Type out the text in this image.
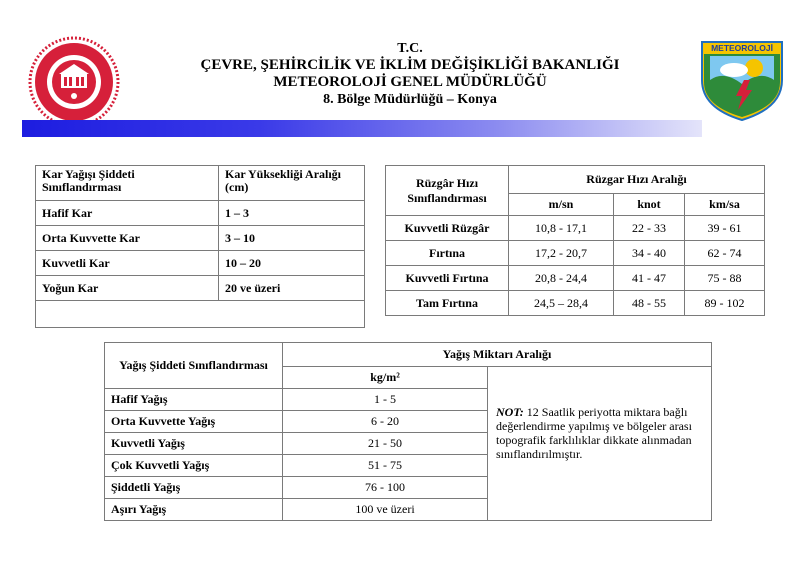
T.C.
ÇEVRE, ŞEHİRCİLİK VE İKLİM DEĞİŞİKLİĞİ BAKANLIĞI
METEOROLOJİ GENEL MÜDÜRLÜĞÜ
8. Bölge Müdürlüğü – Konya
METEOROLOJİ
Kar Yağışı Şiddeti Sınıflandırması	Kar Yüksekliği Aralığı (cm)
Hafif Kar	1 – 3
Orta Kuvvette Kar	3 – 10
Kuvvetli Kar	10 – 20
Yoğun Kar	20 ve üzeri

Rüzgâr Hızı Sınıflandırması	Rüzgar Hızı Aralığı		
	m/sn	knot	km/sa
Kuvvetli Rüzgâr	10,8 - 17,1	22 - 33	39 - 61
Fırtına	17,2 - 20,7	34 - 40	62 - 74
Kuvvetli Fırtına	20,8 - 24,4	41 - 47	75 - 88
Tam Fırtına	24,5 – 28,4	48 - 55	89 - 102
Yağış Şiddeti Sınıflandırması	Yağış Miktarı Aralığı	
	kg/m²	NOT: 12 Saatlik periyotta miktara bağlı değerlendirme yapılmış ve bölgeler arası topografik farklılıklar dikkate alınmadan sınıflandırılmıştır.
Hafif Yağış	1 - 5	
Orta Kuvvette Yağış	6 - 20	
Kuvvetli Yağış	21 - 50	
Çok Kuvvetli Yağış	51 - 75	
Şiddetli Yağış	76 - 100	
Aşırı Yağış	100 ve üzeri	
